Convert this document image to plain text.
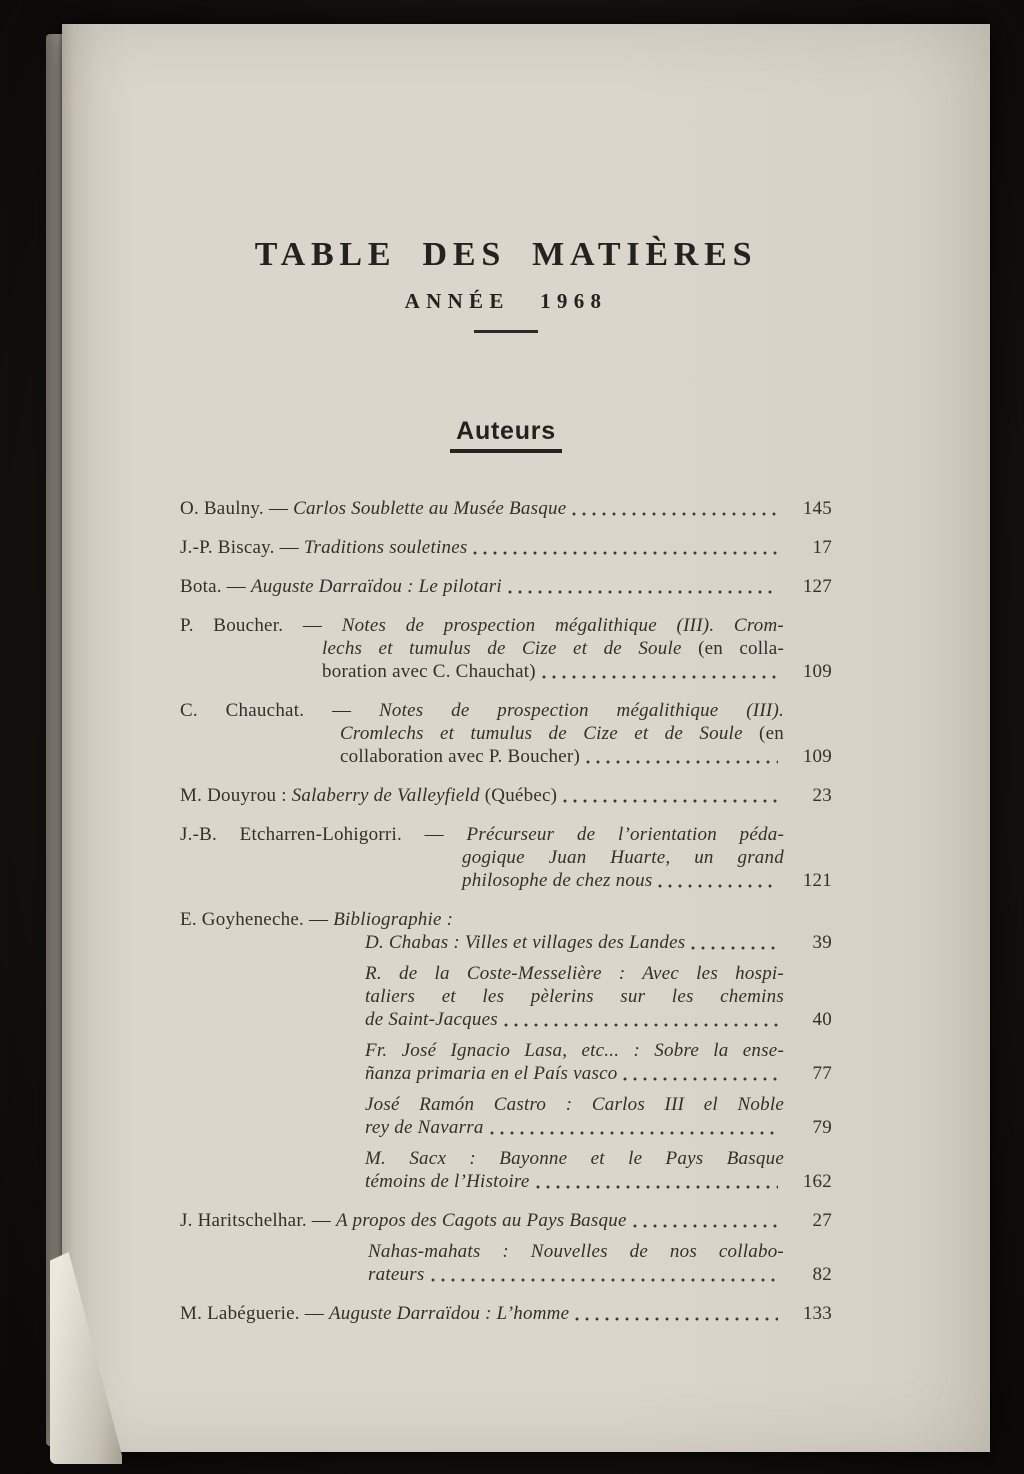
TABLE DES MATIÈRES
ANNÉE 1968
Auteurs
O. Baulny. — Carlos Soublette au Musée Basque	145
J.-P. Biscay. — Traditions souletines	17
Bota. — Auguste Darraïdou : Le pilotari	127
P. Boucher. — Notes de prospection mégalithique (III). Crom-
lechs et tumulus de Cize et de Soule (en colla-
boration avec C. Chauchat)	109
C. Chauchat. — Notes de prospection mégalithique (III).
Cromlechs et tumulus de Cize et de Soule (en
collaboration avec P. Boucher)	109
M. Douyrou : Salaberry de Valleyfield (Québec)	23
J.-B. Etcharren-Lohigorri. — Précurseur de l’orientation péda-
gogique Juan Huarte, un grand
philosophe de chez nous	121
E. Goyheneche. — Bibliographie :
D. Chabas : Villes et villages des Landes	39
R. de la Coste-Messelière : Avec les hospi-
taliers et les pèlerins sur les chemins
de Saint-Jacques	40
Fr. José Ignacio Lasa, etc... : Sobre la ense-
ñanza primaria en el País vasco	77
José Ramón Castro : Carlos III el Noble
rey de Navarra	79
M. Sacx : Bayonne et le Pays Basque
témoins de l’Histoire	162
J. Haritschelhar. — A propos des Cagots au Pays Basque	27
Nahas-mahats : Nouvelles de nos collabo-
rateurs	82
M. Labéguerie. — Auguste Darraïdou : L’homme	133
